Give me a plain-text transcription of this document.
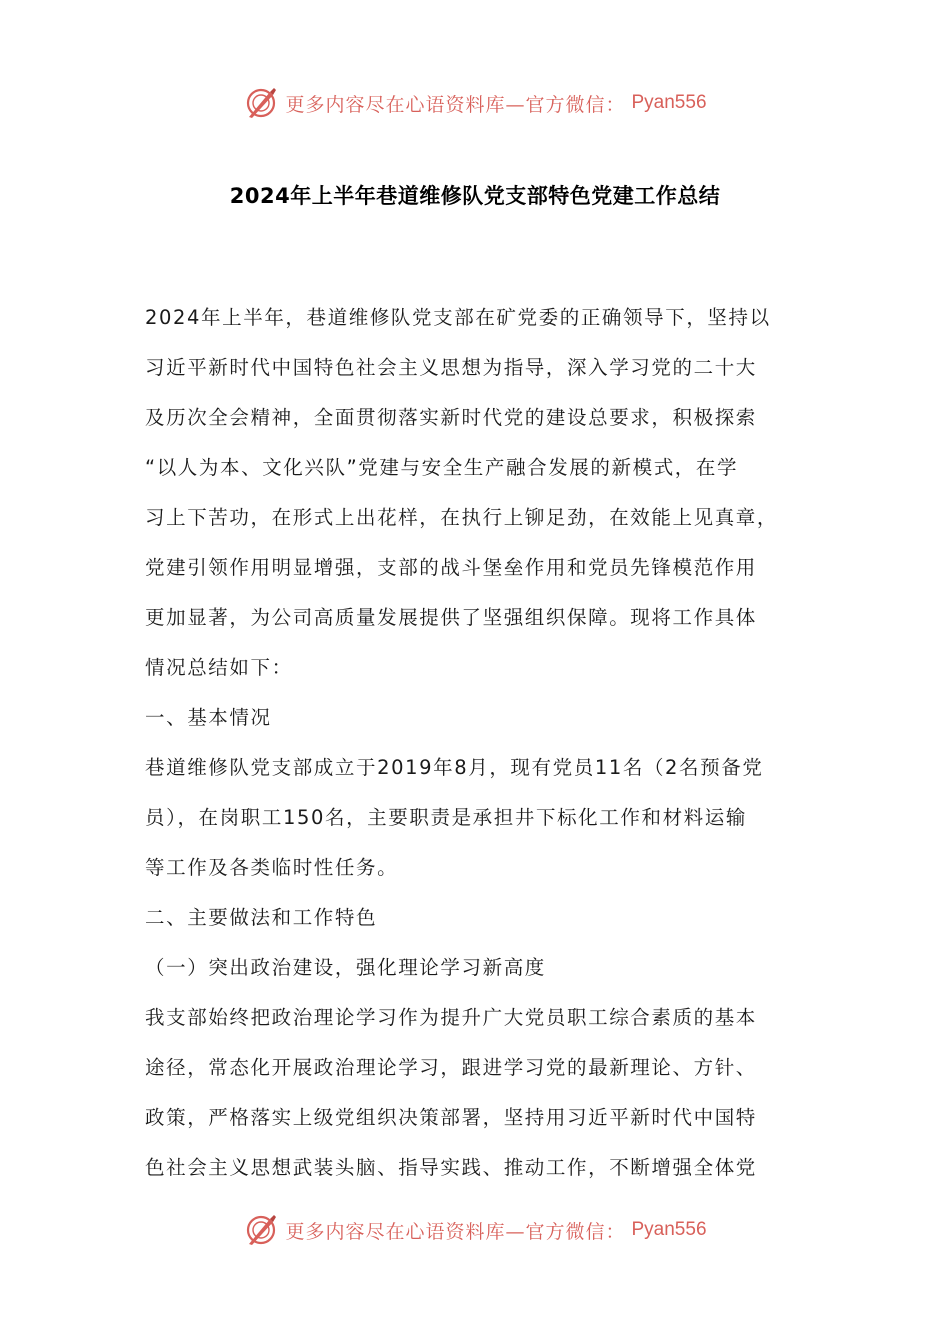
更多内容尽在心语资料库—官方微信： Pyan556
2024年上半年巷道维修队党支部特色党建工作总结
2024年上半年，巷道维修队党支部在矿党委的正确领导下，坚持以
习近平新时代中国特色社会主义思想为指导，深入学习党的二十大
及历次全会精神，全面贯彻落实新时代党的建设总要求，积极探索
“以人为本、文化兴队”党建与安全生产融合发展的新模式，在学
习上下苦功，在形式上出花样，在执行上铆足劲，在效能上见真章，
党建引领作用明显增强，支部的战斗堡垒作用和党员先锋模范作用
更加显著，为公司高质量发展提供了坚强组织保障。现将工作具体
情况总结如下：
一、基本情况
巷道维修队党支部成立于2019年8月，现有党员11名（2名预备党
员），在岗职工150名，主要职责是承担井下标化工作和材料运输
等工作及各类临时性任务。
二、主要做法和工作特色
（一）突出政治建设，强化理论学习新高度
我支部始终把政治理论学习作为提升广大党员职工综合素质的基本
途径，常态化开展政治理论学习，跟进学习党的最新理论、方针、
政策，严格落实上级党组织决策部署，坚持用习近平新时代中国特
色社会主义思想武装头脑、指导实践、推动工作，不断增强全体党
更多内容尽在心语资料库—官方微信： Pyan556
